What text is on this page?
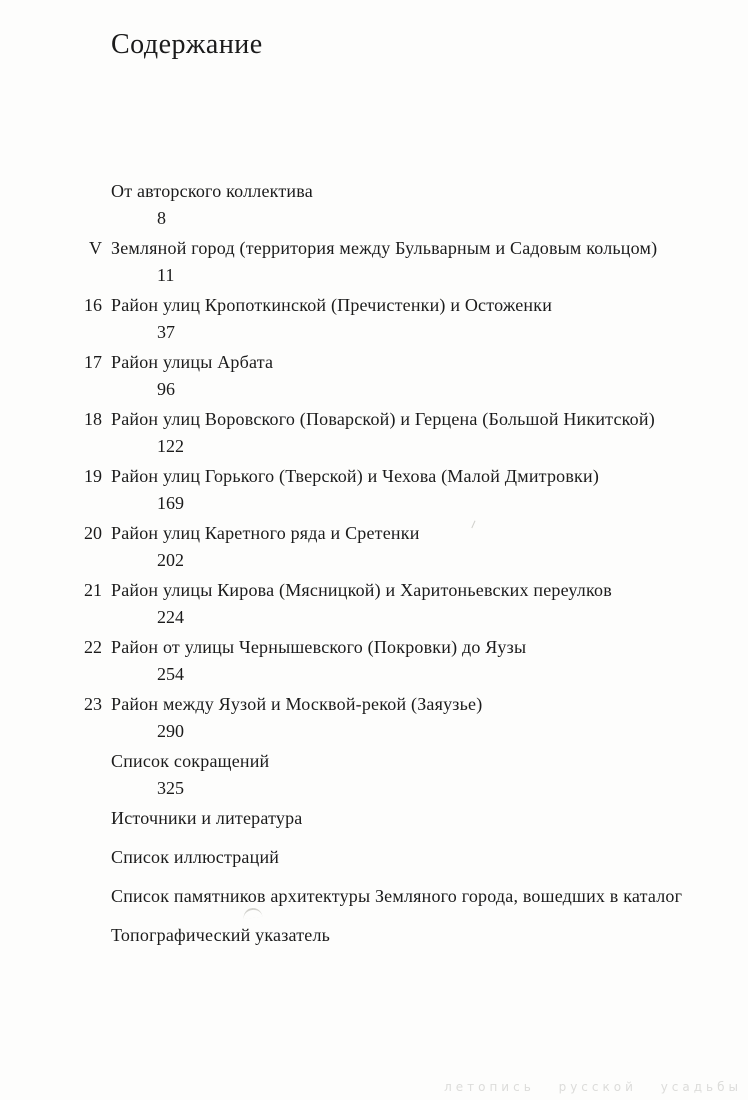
Содержание
От авторского коллектива
8
V Земляной город (территория между Бульварным и Садовым кольцом)
11
16 Район улиц Кропоткинской (Пречистенки) и Остоженки
37
17 Район улицы Арбата
96
18 Район улиц Воровского (Поварской) и Герцена (Большой Никитской)
122
19 Район улиц Горького (Тверской) и Чехова (Малой Дмитровки)
169
20 Район улиц Каретного ряда и Сретенки
202
21 Район улицы Кирова (Мясницкой) и Харитоньевских переулков
224
22 Район от улицы Чернышевского (Покровки) до Яузы
254
23 Район между Яузой и Москвой-рекой (Заяузье)
290
Список сокращений
325
Источники и литература
Список иллюстраций
Список памятников архитектуры Земляного города, вошедших в каталог
Топографический указатель
летопись русской усадьбы
